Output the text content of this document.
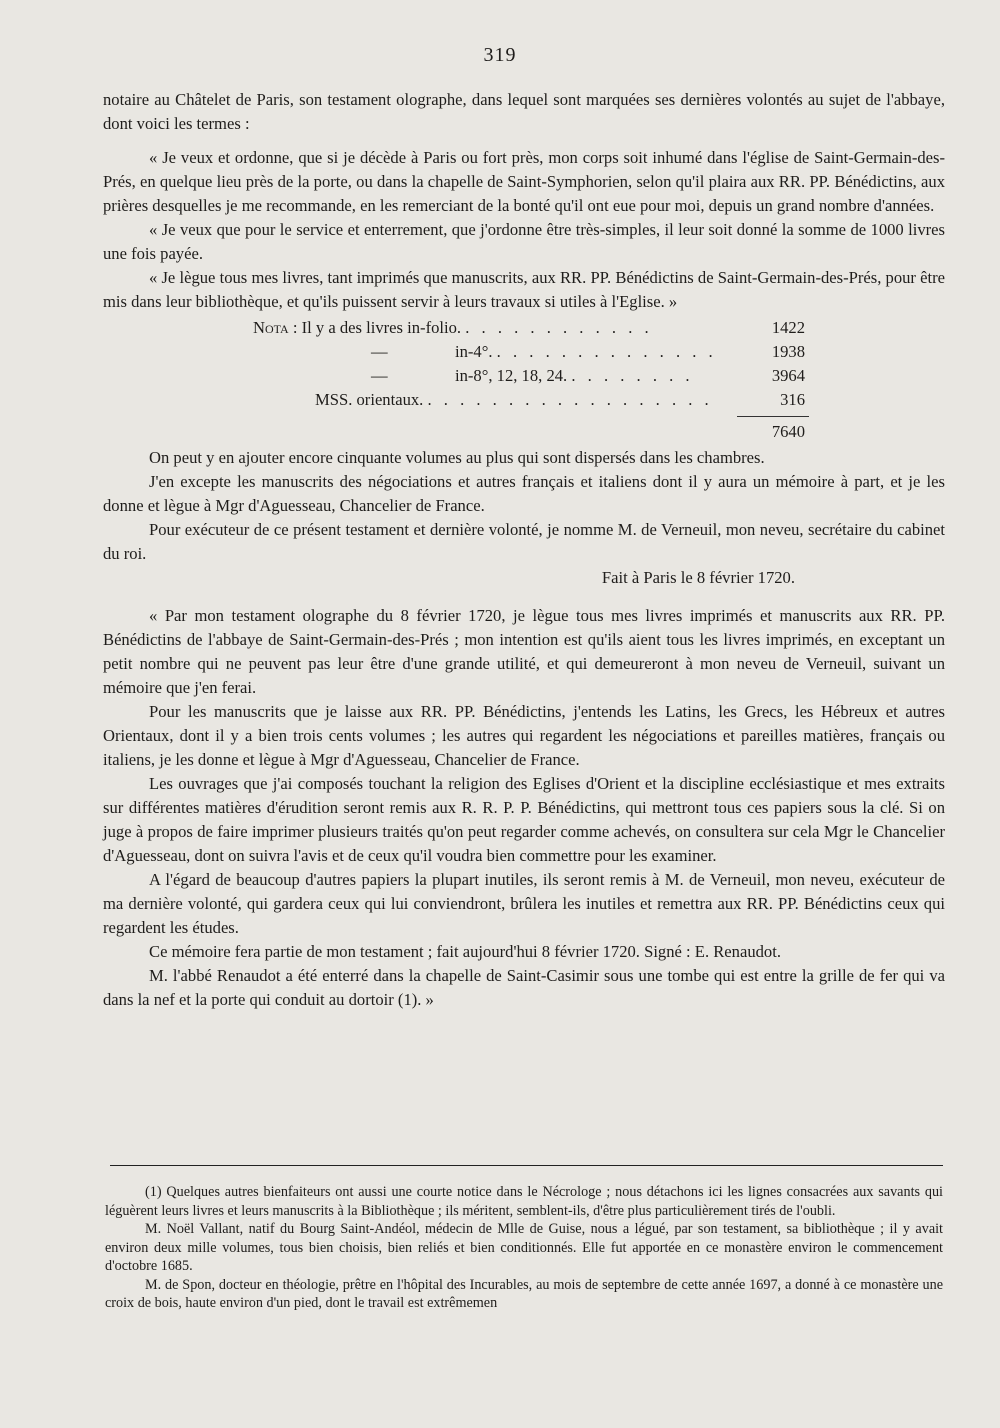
319

notaire au Châtelet de Paris, son testament olographe, dans lequel sont marquées ses dernières volontés au sujet de l'abbaye, dont voici les termes :

« Je veux et ordonne, que si je décède à Paris ou fort près, mon corps soit inhumé dans l'église de Saint-Germain-des-Prés, en quelque lieu près de la porte, ou dans la chapelle de Saint-Symphorien, selon qu'il plaira aux RR. PP. Bénédictins, aux prières desquelles je me recommande, en les remerciant de la bonté qu'il ont eue pour moi, depuis un grand nombre d'années.

« Je veux que pour le service et enterrement, que j'ordonne être très-simples, il leur soit donné la somme de 1000 livres une fois payée.

« Je lègue tous mes livres, tant imprimés que manuscrits, aux RR. PP. Bénédictins de Saint-Germain-des-Prés, pour être mis dans leur bibliothèque, et qu'ils puissent servir à leurs travaux si utiles à l'Eglise. »

Nota : Il y a des livres in-folio. . . . . . . . . . . . .	1422
—	in-4°. . . . . . . . . . . . . . .	1938
—	in-8°, 12, 18, 24. . . . . . . . .	3964
MSS. orientaux. . . . . . . . . . . . . . . . . . .	316
7640

On peut y en ajouter encore cinquante volumes au plus qui sont dispersés dans les chambres.

J'en excepte les manuscrits des négociations et autres français et italiens dont il y aura un mémoire à part, et je les donne et lègue à Mgr d'Aguesseau, Chancelier de France.

Pour exécuteur de ce présent testament et dernière volonté, je nomme M. de Verneuil, mon neveu, secrétaire du cabinet du roi.

Fait à Paris le 8 février 1720.

« Par mon testament olographe du 8 février 1720, je lègue tous mes livres imprimés et manuscrits aux RR. PP. Bénédictins de l'abbaye de Saint-Germain-des-Prés ; mon intention est qu'ils aient tous les livres imprimés, en exceptant un petit nombre qui ne peuvent pas leur être d'une grande utilité, et qui demeureront à mon neveu de Verneuil, suivant un mémoire que j'en ferai.

Pour les manuscrits que je laisse aux RR. PP. Bénédictins, j'entends les Latins, les Grecs, les Hébreux et autres Orientaux, dont il y a bien trois cents volumes ; les autres qui regardent les négociations et pareilles matières, français ou italiens, je les donne et lègue à Mgr d'Aguesseau, Chancelier de France.

Les ouvrages que j'ai composés touchant la religion des Eglises d'Orient et la discipline ecclésiastique et mes extraits sur différentes matières d'érudition seront remis aux R. R. P. P. Bénédictins, qui mettront tous ces papiers sous la clé. Si on juge à propos de faire imprimer plusieurs traités qu'on peut regarder comme achevés, on consultera sur cela Mgr le Chancelier d'Aguesseau, dont on suivra l'avis et de ceux qu'il voudra bien commettre pour les examiner.

A l'égard de beaucoup d'autres papiers la plupart inutiles, ils seront remis à M. de Verneuil, mon neveu, exécuteur de ma dernière volonté, qui gardera ceux qui lui conviendront, brûlera les inutiles et remettra aux RR. PP. Bénédictins ceux qui regardent les études.

Ce mémoire fera partie de mon testament ; fait aujourd'hui 8 février 1720. Signé : E. Renaudot.

M. l'abbé Renaudot a été enterré dans la chapelle de Saint-Casimir sous une tombe qui est entre la grille de fer qui va dans la nef et la porte qui conduit au dortoir (1). »

(1) Quelques autres bienfaiteurs ont aussi une courte notice dans le Nécrologe ; nous détachons ici les lignes consacrées aux savants qui léguèrent leurs livres et leurs manuscrits à la Bibliothèque ; ils méritent, semblent-ils, d'être plus particulièrement tirés de l'oubli.

M. Noël Vallant, natif du Bourg Saint-Andéol, médecin de Mlle de Guise, nous a légué, par son testament, sa bibliothèque ; il y avait environ deux mille volumes, tous bien choisis, bien reliés et bien conditionnés. Elle fut apportée en ce monastère environ le commencement d'octobre 1685.

M. de Spon, docteur en théologie, prêtre en l'hôpital des Incurables, au mois de septembre de cette année 1697, a donné à ce monastère une croix de bois, haute environ d'un pied, dont le travail est extrêmemen
